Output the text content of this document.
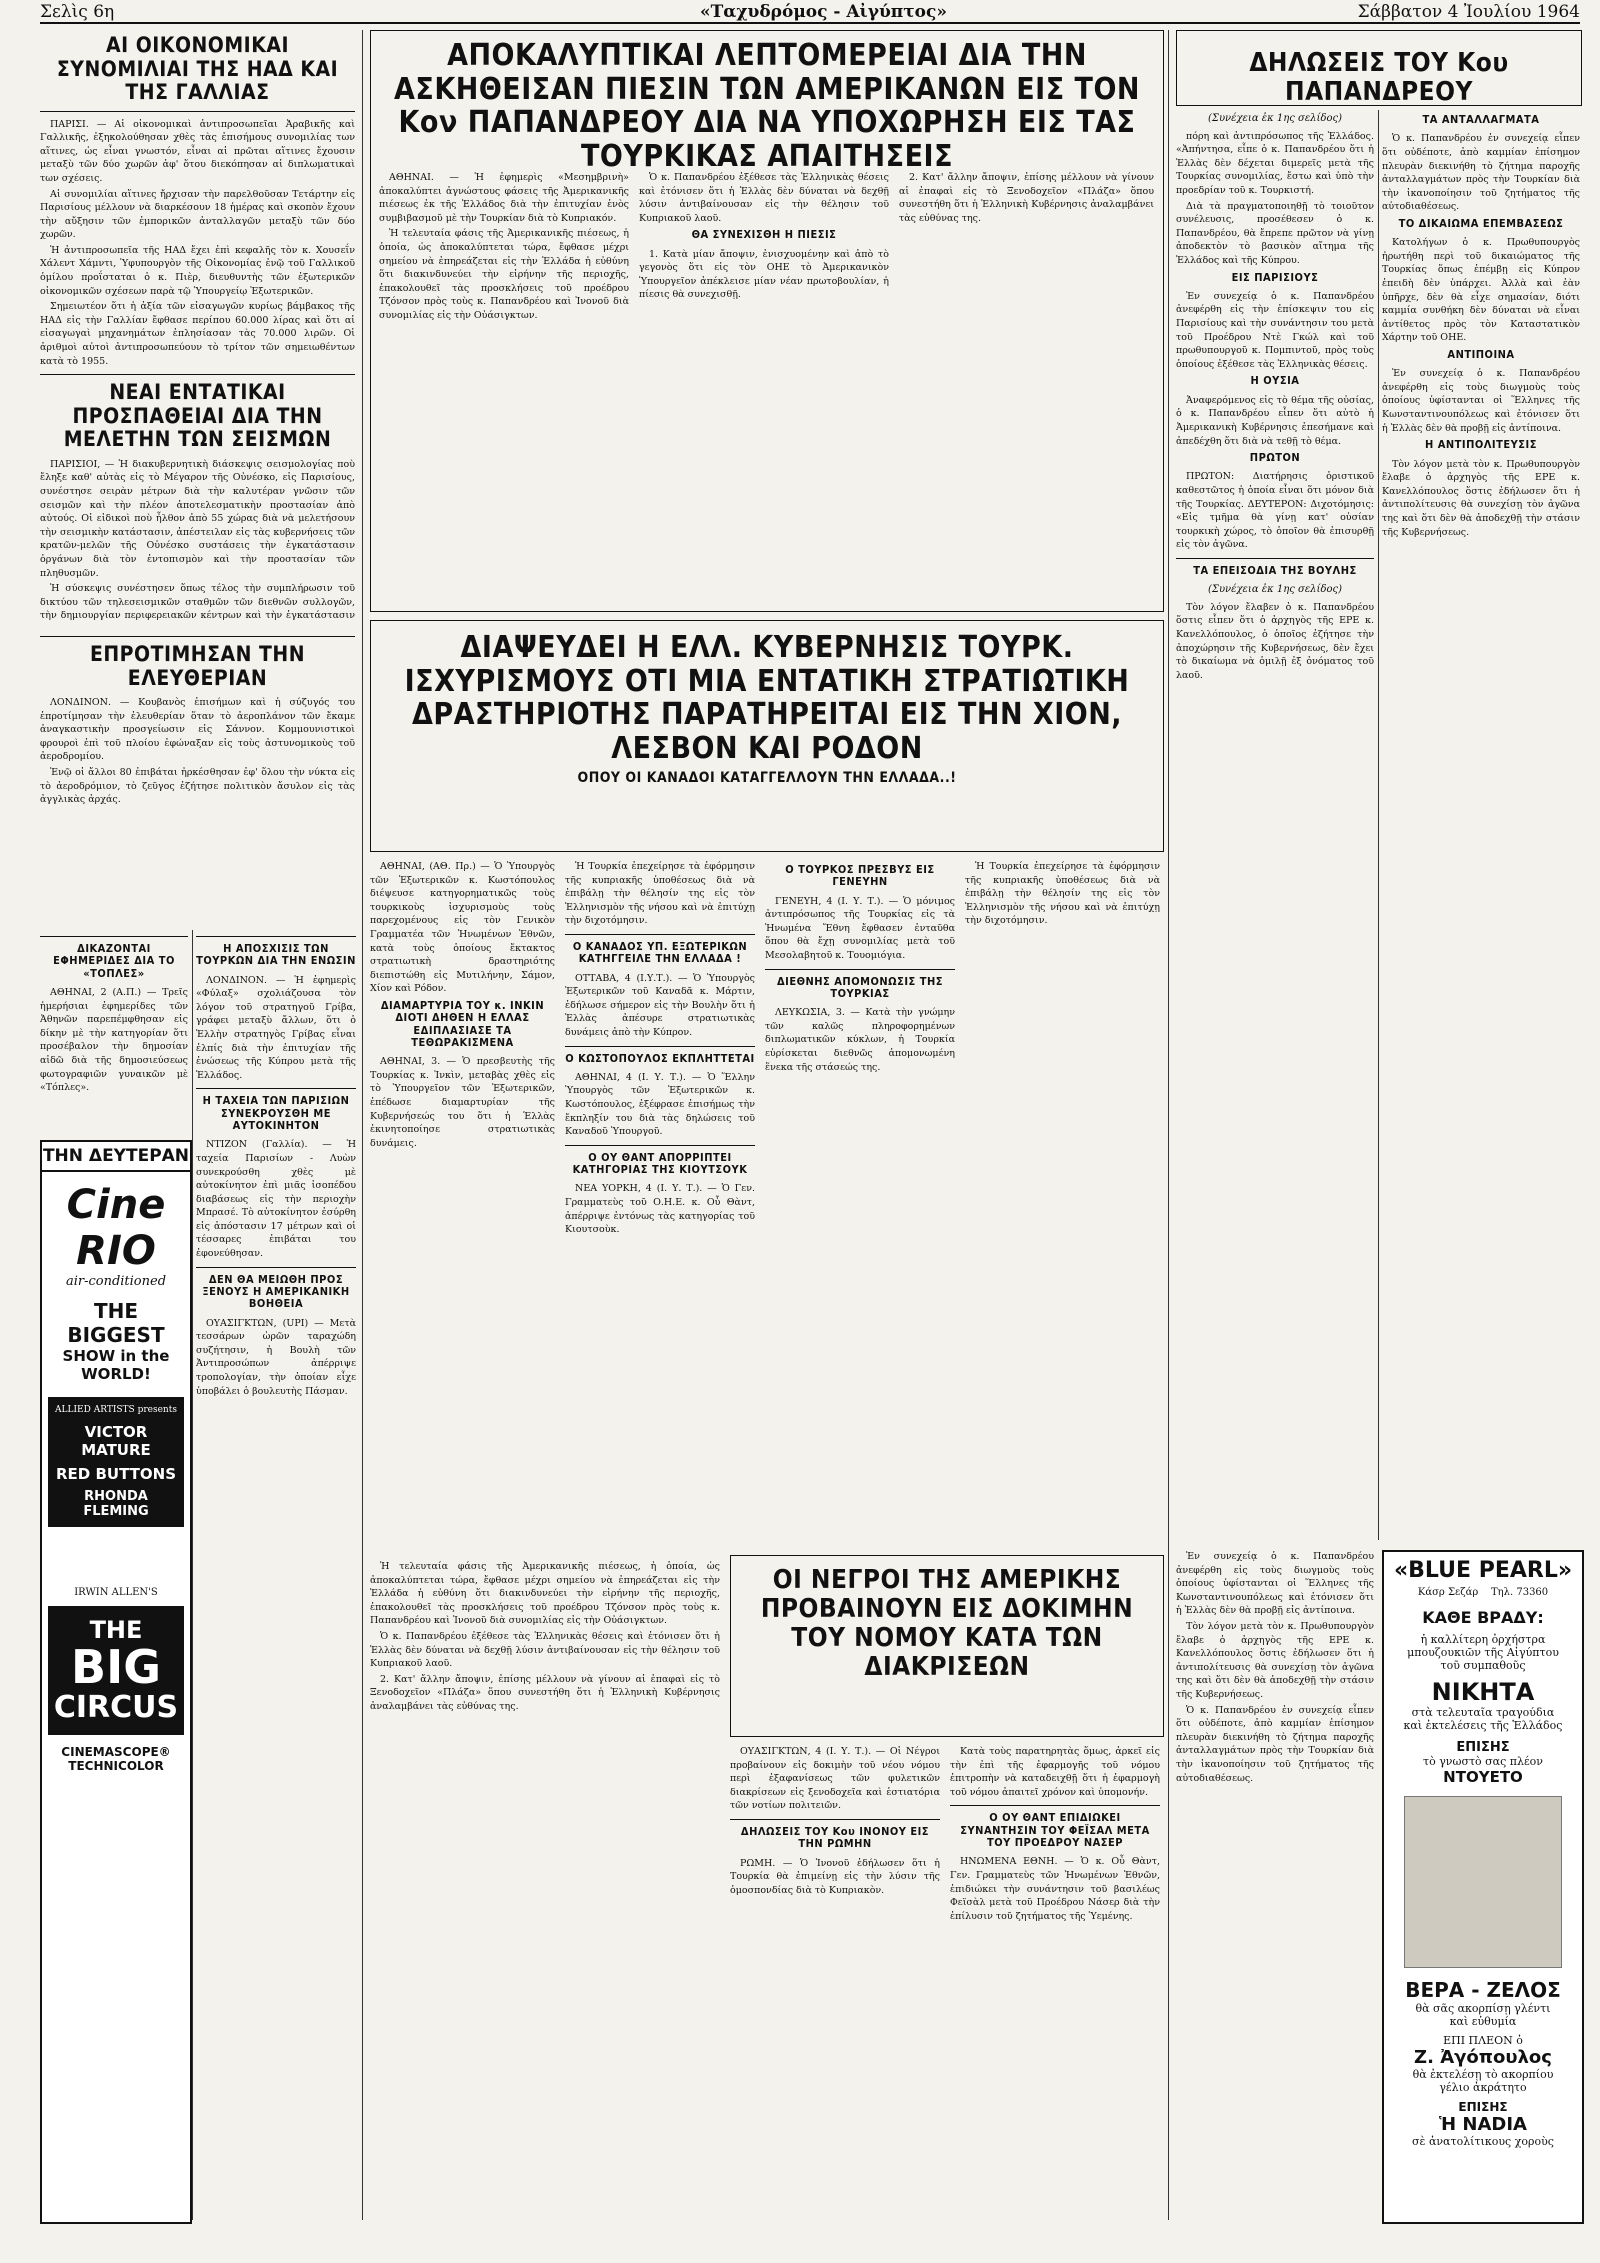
Σελὶς 6η	«Ταχυδρόμος - Αἰγύπτος»	Σάββατον 4 Ἰουλίου 1964
ΑΙ ΟΙΚΟΝΟΜΙΚΑΙ ΣΥΝΟΜΙΛΙΑΙ ΤΗΣ ΗΑΔ ΚΑΙ ΤΗΣ ΓΑΛΛΙΑΣ

ΠΑΡΙΣΙ. — Αἱ οἰκονομικαὶ ἀντιπροσωπεῖαι Ἀραβικῆς καὶ Γαλλικῆς, ἐξηκολούθησαν χθὲς τὰς ἐπισήμους συνομιλίας των αἵτινες, ὡς εἶναι γνωστόν, εἶναι αἱ πρῶται αἵτινες ἔχουσιν μεταξὺ τῶν δύο χωρῶν ἀφ' ὅτου διεκόπησαν αἱ διπλωματικαὶ των σχέσεις.

Αἱ συνομιλίαι αἵτινες ἤρχισαν τὴν παρελθοῦσαν Τετάρτην εἰς Παρισίους μέλλουν νὰ διαρκέσουν 18 ἡμέρας καὶ σκοπὸν ἔχουν τὴν αὔξησιν τῶν ἐμπορικῶν ἀνταλλαγῶν μεταξὺ τῶν δύο χωρῶν.

Ἡ ἀντιπροσωπεῖα τῆς ΗΑΔ ἔχει ἐπὶ κεφαλῆς τὸν κ. Χουσεΐν Χάλεντ Χάμντι, Ὑφυπουργὸν τῆς Οἰκονομίας ἐνῷ τοῦ Γαλλικοῦ ὁμίλου προΐσταται ὁ κ. Πιὲρ, διευθυντὴς τῶν ἐξωτερικῶν οἰκονομικῶν σχέσεων παρὰ τῷ Ὑπουργείῳ Ἐξωτερικῶν.

Σημειωτέον ὅτι ἡ ἀξία τῶν εἰσαγωγῶν κυρίως βάμβακος τῆς ΗΑΔ εἰς τὴν Γαλλίαν ἔφθασε περίπου 60.000 λίρας καὶ ὅτι αἱ εἰσαγωγαὶ μηχανημάτων ἐπλησίασαν τὰς 70.000 λιρῶν. Οἱ ἀριθμοὶ αὐτοὶ ἀντιπροσωπεύουν τὸ τρίτον τῶν σημειωθέντων κατὰ τὸ 1955.

ΝΕΑΙ ΕΝΤΑΤΙΚΑΙ ΠΡΟΣΠΑΘΕΙΑΙ ΔΙΑ ΤΗΝ ΜΕΛΕΤΗΝ ΤΩΝ ΣΕΙΣΜΩΝ

ΠΑΡΙΣΙΟΙ, — Ἡ διακυβερνητικὴ διάσκεψις σεισμολογίας ποὺ ἔληξε καθ' αὐτὰς εἰς τὸ Μέγαρον τῆς Οὐνέσκο, εἰς Παρισίους, συνέστησε σειρὰν μέτρων διὰ τὴν καλυτέραν γνῶσιν τῶν σεισμῶν καὶ τὴν πλέον ἀποτελεσματικὴν προστασίαν ἀπὸ αὐτούς. Οἱ εἰδικοὶ ποὺ ἦλθον ἀπὸ 55 χώρας διὰ νὰ μελετήσουν τὴν σεισμικὴν κατάστασιν, ἀπέστειλαν εἰς τὰς κυβερνήσεις τῶν κρατῶν-μελῶν τῆς Οὐνέσκο συστάσεις τὴν ἐγκατάστασιν ὀργάνων διὰ τὸν ἐντοπισμὸν καὶ τὴν προστασίαν τῶν πληθυσμῶν.

Ἡ σύσκεψις συνέστησεν ὅπως τέλος τὴν συμπλήρωσιν τοῦ δικτύου τῶν τηλεσεισμικῶν σταθμῶν τῶν διεθνῶν συλλογῶν, τὴν δημιουργίαν περιφερειακῶν κέντρων καὶ τὴν ἐγκατάστασιν

ΕΠΡΟΤΙΜΗΣΑΝ ΤΗΝ ΕΛΕΥΘΕΡΙΑΝ

ΛΟΝΔΙΝΟΝ. — Κουβανὸς ἐπισήμων καὶ ἡ σύζυγός του ἐπροτίμησαν τὴν ἐλευθερίαν ὅταν τὸ ἀεροπλάνον τῶν ἔκαμε ἀναγκαστικὴν προσγείωσιν εἰς Σάννον. Κομμουνιστικοὶ φρουροὶ ἐπὶ τοῦ πλοίου ἐφώναξαν εἰς τοὺς ἀστυνομικοὺς τοῦ ἀεροδρομίου.

Ἐνῷ οἱ ἄλλοι 80 ἐπιβάται ἠρκέσθησαν ἐφ' ὅλου τὴν νύκτα εἰς τὸ ἀεροδρόμιον, τὸ ζεῦγος ἐζήτησε πολιτικὸν ἄσυλον εἰς τὰς ἀγγλικὰς ἀρχάς.

ΔΙΚΑΖΟΝΤΑΙ ΕΦΗΜΕΡΙΔΕΣ ΔΙΑ ΤΟ «ΤΟΠΛΕΣ»

ΑΘΗΝΑΙ, 2 (Α.Π.) — Τρεῖς ἡμερήσιαι ἐφημερίδες τῶν Ἀθηνῶν παρεπέμφθησαν εἰς δίκην μὲ τὴν κατηγορίαν ὅτι προσέβαλον τὴν δημοσίαν αἰδῶ διὰ τῆς δημοσιεύσεως φωτογραφιῶν γυναικῶν μὲ «Τόπλες».

ΤΗΝ ΔΕΥΤΕΡΑΝ
Cine RIO
air-conditioned
THE BIGGEST
SHOW in the WORLD!
ALLIED ARTISTS presents
VICTOR MATURE
RED BUTTONS
RHONDA FLEMING
IRWIN ALLEN'S
THE
BIG
CIRCUS
CINEMASCOPE®
TECHNICOLOR
Η ΑΠΟΣΧΙΣΙΣ ΤΩΝ ΤΟΥΡΚΩΝ ΔΙΑ ΤΗΝ ΕΝΩΣΙΝ

ΛΟΝΔΙΝΟΝ. — Ἡ ἐφημερὶς «Φύλαξ» σχολιάζουσα τὸν λόγον τοῦ στρατηγοῦ Γρίβα, γράφει μεταξὺ ἄλλων, ὅτι ὁ Ἑλλὴν στρατηγὸς Γρίβας εἶναι ἐλπίς διὰ τὴν ἐπιτυχίαν τῆς ἐνώσεως τῆς Κύπρου μετὰ τῆς Ἑλλάδος.

Η ΤΑΧΕΙΑ ΤΩΝ ΠΑΡΙΣΙΩΝ ΣΥΝΕΚΡΟΥΣΘΗ ΜΕ ΑΥΤΟΚΙΝΗΤΟΝ

ΝΤΙΖΟΝ (Γαλλία). — Ἡ ταχεία Παρισίων - Λυὼν συνεκρούσθη χθὲς μὲ αὐτοκίνητον ἐπὶ μιᾶς ἰσοπέδου διαβάσεως εἰς τὴν περιοχὴν Μπρασέ. Τὸ αὐτοκίνητον ἐσύρθη εἰς ἀπόστασιν 17 μέτρων καὶ οἱ τέσσαρες ἐπιβάται του ἐφονεύθησαν.

ΔΕΝ ΘΑ ΜΕΙΩΘΗ ΠΡΟΣ ΞΕΝΟΥΣ Η ΑΜΕΡΙΚΑΝΙΚΗ ΒΟΗΘΕΙΑ

ΟΥΑΣΙΓΚΤΩΝ, (UPI) — Μετὰ τεσσάρων ὡρῶν ταραχώδη συζήτησιν, ἡ Βουλὴ τῶν Ἀντιπροσώπων ἀπέρριψε τροπολογίαν, τὴν ὁποίαν εἶχε ὑποβάλει ὁ βουλευτὴς Πάσμαν.

ΑΠΟΚΑΛΥΠΤΙΚΑΙ ΛΕΠΤΟΜΕΡΕΙΑΙ ΔΙΑ ΤΗΝ ΑΣΚΗΘΕΙΣΑΝ ΠΙΕΣΙΝ ΤΩΝ ΑΜΕΡΙΚΑΝΩΝ ΕΙΣ ΤΟΝ Κον ΠΑΠΑΝΔΡΕΟΥ ΔΙΑ ΝΑ ΥΠΟΧΩΡΗΣΗ ΕΙΣ ΤΑΣ ΤΟΥΡΚΙΚΑΣ ΑΠΑΙΤΗΣΕΙΣ

ΑΘΗΝΑΙ. — Ἡ ἐφημερὶς «Μεσημβρινὴ» ἀποκαλύπτει ἀγνώστους φάσεις τῆς Ἀμερικανικῆς πιέσεως ἐκ τῆς Ἑλλάδος διὰ τὴν ἐπιτυχίαν ἑνὸς συμβιβασμοῦ μὲ τὴν Τουρκίαν διὰ τὸ Κυπριακόν.

Ἡ τελευταία φάσις τῆς Ἀμερικανικῆς πιέσεως, ἡ ὁποία, ὡς ἀποκαλύπτεται τώρα, ἔφθασε μέχρι σημείου νὰ ἐπηρεάζεται εἰς τὴν Ἑλλάδα ἡ εὐθύνη ὅτι διακινδυνεύει τὴν εἰρήνην τῆς περιοχῆς, ἐπακολουθεῖ τὰς προσκλήσεις τοῦ προέδρου Τζόνσον πρὸς τοὺς κ. Παπανδρέου καὶ Ἰνονοῦ διὰ συνομιλίας εἰς τὴν Οὐάσιγκτων.

Ὁ κ. Παπανδρέου ἐξέθεσε τὰς Ἑλληνικὰς θέσεις καὶ ἐτόνισεν ὅτι ἡ Ἑλλὰς δὲν δύναται νὰ δεχθῇ λύσιν ἀντιβαίνουσαν εἰς τὴν θέλησιν τοῦ Κυπριακοῦ λαοῦ.

ΘΑ ΣΥΝΕΧΙΣΘΗ Η ΠΙΕΣΙΣ

1. Κατὰ μίαν ἄποψιν, ἐνισχυομένην καὶ ἀπὸ τὸ γεγονὸς ὅτι εἰς τὸν ΟΗΕ τὸ Ἀμερικανικὸν Ὑπουργεῖον ἀπέκλεισε μίαν νέαν πρωτοβουλίαν, ἡ πίεσις θὰ συνεχισθῇ.

2. Κατ' ἄλλην ἄποψιν, ἐπίσης μέλλουν νὰ γίνουν αἱ ἐπαφαὶ εἰς τὸ Ξενοδοχεῖον «Πλάζα» ὅπου συνεστήθη ὅτι ἡ Ἑλληνικὴ Κυβέρνησις ἀναλαμβάνει τὰς εὐθύνας της.

ΔΙΑΨΕΥΔΕΙ Η ΕΛΛ. ΚΥΒΕΡΝΗΣΙΣ ΤΟΥΡΚ. ΙΣΧΥΡΙΣΜΟΥΣ ΟΤΙ ΜΙΑ ΕΝΤΑΤΙΚΗ ΣΤΡΑΤΙΩΤΙΚΗ ΔΡΑΣΤΗΡΙΟΤΗΣ ΠΑΡΑΤΗΡΕΙΤΑΙ ΕΙΣ ΤΗΝ ΧΙΟΝ, ΛΕΣΒΟΝ ΚΑΙ ΡΟΔΟΝ
ΟΠΟΥ ΟΙ ΚΑΝΑΔΟΙ ΚΑΤΑΓΓΕΛΛΟΥΝ ΤΗΝ ΕΛΛΑΔΑ..!

ΑΘΗΝΑΙ, (ΑΘ. Πρ.) — Ὁ Ὑπουργὸς τῶν Ἐξωτερικῶν κ. Κωστόπουλος διέψευσε κατηγορηματικῶς τοὺς τουρκικοὺς ἰσχυρισμοὺς τοὺς παρεχομένους εἰς τὸν Γενικὸν Γραμματέα τῶν Ἡνωμένων Ἐθνῶν, κατὰ τοὺς ὁποίους ἔκτακτος στρατιωτικὴ δραστηριότης διεπιστώθη εἰς Μυτιλήνην, Σάμον, Χίον καὶ Ρόδον.

ΔΙΑΜΑΡΤΥΡΙΑ ΤΟΥ κ. ΙΝΚΙΝ ΔΙΟΤΙ ΔΗΘΕΝ Η ΕΛΛΑΣ ΕΔΙΠΛΑΣΙΑΣΕ ΤΑ ΤΕΘΩΡΑΚΙΣΜΕΝΑ

ΑΘΗΝΑΙ, 3. — Ὁ πρεσβευτὴς τῆς Τουρκίας κ. Ἰνκὶν, μεταβὰς χθὲς εἰς τὸ Ὑπουργεῖον τῶν Ἐξωτερικῶν, ἐπέδωσε διαμαρτυρίαν τῆς Κυβερνήσεώς του ὅτι ἡ Ἑλλὰς ἐκινητοποίησε στρατιωτικὰς δυνάμεις.

Ἡ Τουρκία ἐπεχείρησε τὰ ἐφόρμησιν τῆς κυπριακῆς ὑποθέσεως διὰ νὰ ἐπιβάλῃ τὴν θέλησίν της εἰς τὸν Ἑλληνισμὸν τῆς νήσου καὶ νὰ ἐπιτύχῃ τὴν διχοτόμησιν.

Ο ΚΑΝΑΔΟΣ ΥΠ. ΕΞΩΤΕΡΙΚΩΝ ΚΑΤΗΓΓΕΙΛΕ ΤΗΝ ΕΛΛΑΔΑ !

ΟΤΤΑΒΑ, 4 (Ι.Υ.Τ.). — Ὁ Ὑπουργὸς Ἐξωτερικῶν τοῦ Καναδᾶ κ. Μάρτιν, ἐδήλωσε σήμερον εἰς τὴν Βουλὴν ὅτι ἡ Ἑλλὰς ἀπέσυρε στρατιωτικὰς δυνάμεις ἀπὸ τὴν Κύπρον.

Ο ΚΩΣΤΟΠΟΥΛΟΣ ΕΚΠΛΗΤΤΕΤΑΙ

ΑΘΗΝΑΙ, 4 (Ι. Υ. Τ.). — Ὁ Ἕλλην Ὑπουργὸς τῶν Ἐξωτερικῶν κ. Κωστόπουλος, ἐξέφρασε ἐπισήμως τὴν ἔκπληξίν του διὰ τὰς δηλώσεις τοῦ Καναδοῦ Ὑπουργοῦ.

Ο ΟΥ ΘΑΝΤ ΑΠΟΡΡΙΠΤΕΙ ΚΑΤΗΓΟΡΙΑΣ ΤΗΣ ΚΙΟΥΤΣΟΥΚ

ΝΕΑ ΥΟΡΚΗ, 4 (Ι. Υ. Τ.). — Ὁ Γεν. Γραμματεὺς τοῦ Ο.Η.Ε. κ. Οὖ Θὰντ, ἀπέρριψε ἐντόνως τὰς κατηγορίας τοῦ Κιουτσοὺκ.

Ο ΤΟΥΡΚΟΣ ΠΡΕΣΒΥΣ ΕΙΣ ΓΕΝΕΥΗΝ

ΓΕΝΕΥΗ, 4 (Ι. Υ. Τ.). — Ὁ μόνιμος ἀντιπρόσωπος τῆς Τουρκίας εἰς τὰ Ἡνωμένα Ἔθνη ἔφθασεν ἐνταῦθα ὅπου θὰ ἔχῃ συνομιλίας μετὰ τοῦ Μεσολαβητοῦ κ. Τουομιόγια.

ΔΙΕΘΝΗΣ ΑΠΟΜΟΝΩΣΙΣ ΤΗΣ ΤΟΥΡΚΙΑΣ

ΛΕΥΚΩΣΙΑ, 3. — Κατὰ τὴν γνώμην τῶν καλῶς πληροφορημένων διπλωματικῶν κύκλων, ἡ Τουρκία εὑρίσκεται διεθνῶς ἀπομονωμένη ἕνεκα τῆς στάσεώς της.

Ἡ Τουρκία ἐπεχείρησε τὰ ἐφόρμησιν τῆς κυπριακῆς ὑποθέσεως διὰ νὰ ἐπιβάλῃ τὴν θέλησίν της εἰς τὸν Ἑλληνισμὸν τῆς νήσου καὶ νὰ ἐπιτύχῃ τὴν διχοτόμησιν.

ΟΙ ΝΕΓΡΟΙ ΤΗΣ ΑΜΕΡΙΚΗΣ ΠΡΟΒΑΙΝΟΥΝ ΕΙΣ ΔΟΚΙΜΗΝ ΤΟΥ ΝΟΜΟΥ ΚΑΤΑ ΤΩΝ ΔΙΑΚΡΙΣΕΩΝ

ΟΥΑΣΙΓΚΤΩΝ, 4 (Ι. Υ. Τ.). — Οἱ Νέγροι προβαίνουν εἰς δοκιμὴν τοῦ νέου νόμου περὶ ἐξαφανίσεως τῶν φυλετικῶν διακρίσεων εἰς ξενοδοχεῖα καὶ ἑστιατόρια τῶν νοτίων πολιτειῶν.

ΔΗΛΩΣΕΙΣ ΤΟΥ Κου ΙΝΟΝΟΥ ΕΙΣ ΤΗΝ ΡΩΜΗΝ

ΡΩΜΗ. — Ὁ Ἰνονοῦ ἐδήλωσεν ὅτι ἡ Τουρκία θὰ ἐπιμείνῃ εἰς τὴν λύσιν τῆς ὁμοσπονδίας διὰ τὸ Κυπριακὸν.

Κατὰ τοὺς παρατηρητὰς ὅμως, ἀρκεῖ εἰς τὴν ἐπὶ τῆς ἐφαρμογῆς τοῦ νόμου ἐπιτροπὴν νὰ καταδειχθῇ ὅτι ἡ ἐφαρμογὴ τοῦ νόμου ἀπαιτεῖ χρόνον καὶ ὑπομονήν.

Ο ΟΥ ΘΑΝΤ ΕΠΙΔΙΩΚΕΙ ΣΥΝΑΝΤΗΣΙΝ ΤΟΥ ΦΕΪΣΑΛ ΜΕΤΑ ΤΟΥ ΠΡΟΕΔΡΟΥ ΝΑΣΕΡ

ΗΝΩΜΕΝΑ ΕΘΝΗ. — Ὁ κ. Οὖ Θὰντ, Γεν. Γραμματεὺς τῶν Ἡνωμένων Ἐθνῶν, ἐπιδιώκει τὴν συνάντησιν τοῦ βασιλέως Φεϊσὰλ μετὰ τοῦ Προέδρου Νάσερ διὰ τὴν ἐπίλυσιν τοῦ ζητήματος τῆς Ὑεμένης.

Ἡ τελευταία φάσις τῆς Ἀμερικανικῆς πιέσεως, ἡ ὁποία, ὡς ἀποκαλύπτεται τώρα, ἔφθασε μέχρι σημείου νὰ ἐπηρεάζεται εἰς τὴν Ἑλλάδα ἡ εὐθύνη ὅτι διακινδυνεύει τὴν εἰρήνην τῆς περιοχῆς, ἐπακολουθεῖ τὰς προσκλήσεις τοῦ προέδρου Τζόνσον πρὸς τοὺς κ. Παπανδρέου καὶ Ἰνονοῦ διὰ συνομιλίας εἰς τὴν Οὐάσιγκτων.

Ὁ κ. Παπανδρέου ἐξέθεσε τὰς Ἑλληνικὰς θέσεις καὶ ἐτόνισεν ὅτι ἡ Ἑλλὰς δὲν δύναται νὰ δεχθῇ λύσιν ἀντιβαίνουσαν εἰς τὴν θέλησιν τοῦ Κυπριακοῦ λαοῦ.

2. Κατ' ἄλλην ἄποψιν, ἐπίσης μέλλουν νὰ γίνουν αἱ ἐπαφαὶ εἰς τὸ Ξενοδοχεῖον «Πλάζα» ὅπου συνεστήθη ὅτι ἡ Ἑλληνικὴ Κυβέρνησις ἀναλαμβάνει τὰς εὐθύνας της.

ΔΗΛΩΣΕΙΣ ΤΟΥ Κου ΠΑΠΑΝΔΡΕΟΥ
(Συνέχεια ἐκ 1ης σελίδος)

πόρη καὶ ἀντιπρόσωπος τῆς Ἑλλάδος. «Ἀπήντησα, εἶπε ὁ κ. Παπανδρέου ὅτι ἡ Ἑλλὰς δὲν δέχεται διμερεῖς μετὰ τῆς Τουρκίας συνομιλίας, ἔστω καὶ ὑπὸ τὴν προεδρίαν τοῦ κ. Τουρκιστή.

Διὰ τὰ πραγματοποιηθῇ τὸ τοιοῦτον συνέλευσις, προσέθεσεν ὁ κ. Παπανδρέου, θὰ ἔπρεπε πρῶτον νὰ γίνῃ ἀποδεκτὸν τὸ βασικὸν αἴτημα τῆς Ἑλλάδος καὶ τῆς Κύπρου.

ΕΙΣ ΠΑΡΙΣΙΟΥΣ

Ἐν συνεχείᾳ ὁ κ. Παπανδρέου ἀνεφέρθη εἰς τὴν ἐπίσκεψιν του εἰς Παρισίους καὶ τὴν συνάντησιν του μετὰ τοῦ Προέδρου Ντὲ Γκώλ καὶ τοῦ πρωθυπουργοῦ κ. Πομπιντοῦ, πρὸς τοὺς ὁποίους ἐξέθεσε τὰς Ἑλληνικὰς θέσεις.

Η ΟΥΣΙΑ

Ἀναφερόμενος εἰς τὸ θέμα τῆς οὐσίας, ὁ κ. Παπανδρέου εἶπεν ὅτι αὐτὸ ἡ Ἀμερικανικὴ Κυβέρνησις ἐπεσήμανε καὶ ἀπεδέχθη ὅτι διὰ νὰ τεθῇ τὸ θέμα.

ΠΡΩΤΟΝ

ΠΡΩΤΟΝ: Διατήρησις ὁριστικοῦ καθεστῶτος ἡ ὁποία εἶναι ὅτι μόνον διὰ τῆς Τουρκίας. ΔΕΥΤΕΡΟΝ: Διχοτόμησις: «Εἰς τμῆμα θὰ γίνῃ κατ' οὐσίαν τουρκικὴ χώρος, τὸ ὁποῖον θὰ ἐπισυρθῇ εἰς τὸν ἀγῶνα.

ΤΑ ΕΠΕΙΣΟΔΙΑ ΤΗΣ ΒΟΥΛΗΣ
(Συνέχεια ἐκ 1ης σελίδος)

Τὸν λόγον ἔλαβεν ὁ κ. Παπανδρέου ὅστις εἶπεν ὅτι ὁ ἀρχηγὸς τῆς ΕΡΕ κ. Κανελλόπουλος, ὁ ὁποῖος ἐζήτησε τὴν ἀποχώρησιν τῆς Κυβερνήσεως, δὲν ἔχει τὸ δικαίωμα νὰ ὁμιλῇ ἐξ ὀνόματος τοῦ λαοῦ.

ΤΑ ΑΝΤΑΛΛΑΓΜΑΤΑ

Ὁ κ. Παπανδρέου ἐν συνεχείᾳ εἶπεν ὅτι οὐδέποτε, ἀπὸ καμμίαν ἐπίσημον πλευρὰν διεκινήθη τὸ ζήτημα παροχῆς ἀνταλλαγμάτων πρὸς τὴν Τουρκίαν διὰ τὴν ἱκανοποίησιν τοῦ ζητήματος τῆς αὐτοδιαθέσεως.

ΤΟ ΔΙΚΑΙΩΜΑ ΕΠΕΜΒΑΣΕΩΣ

Κατολήγων ὁ κ. Πρωθυπουργὸς ἠρωτήθη περὶ τοῦ δικαιώματος τῆς Τουρκίας ὅπως ἐπέμβῃ εἰς Κύπρον ἐπειδὴ δὲν ὑπάρχει. Ἀλλὰ καὶ ἐὰν ὑπῆρχε, δὲν θὰ εἶχε σημασίαν, διότι καμμία συνθήκη δὲν δύναται νὰ εἶναι ἀντίθετος πρὸς τὸν Καταστατικὸν Χάρτην τοῦ ΟΗΕ.

ΑΝΤΙΠΟΙΝΑ

Ἐν συνεχείᾳ ὁ κ. Παπανδρέου ἀνεφέρθη εἰς τοὺς διωγμοὺς τοὺς ὁποίους ὑφίστανται οἱ Ἕλληνες τῆς Κωνσταντινουπόλεως καὶ ἐτόνισεν ὅτι ἡ Ἑλλὰς δὲν θὰ προβῇ εἰς ἀντίποινα.

Η ΑΝΤΙΠΟΛΙΤΕΥΣΙΣ

Τὸν λόγον μετὰ τὸν κ. Πρωθυπουργὸν ἔλαβε ὁ ἀρχηγὸς τῆς ΕΡΕ κ. Κανελλόπουλος ὅστις ἐδήλωσεν ὅτι ἡ ἀντιπολίτευσις θὰ συνεχίσῃ τὸν ἀγῶνα της καὶ ὅτι δὲν θὰ ἀποδεχθῇ τὴν στάσιν τῆς Κυβερνήσεως.

«BLUE PEARL»
Κάσρ Σεζάρ Τηλ. 73360
ΚΑΘΕ ΒΡΑΔΥ:
ἡ καλλίτερη ὀρχήστρα
μπουζουκιῶν τῆς Αἰγύπτου
τοῦ συμπαθοῦς
ΝΙΚΗΤΑ
στὰ τελευταῖα τραγούδια
καὶ ἐκτελέσεις τῆς Ἑλλάδος
ΕΠΙΣΗΣ
τὸ γνωστὸ σας πλέον
ΝΤΟΥΕΤΟ
ΒΕΡΑ - ΖΕΛΟΣ
θὰ σᾶς ακορπίσῃ γλέντι
καὶ εὐθυμία
ΕΠΙ ΠΛΕΟΝ ὁ
Ζ. Ἀγόπουλος
θὰ ἐκτελέσῃ τὸ ακορπίου
γέλιο ἀκράτητο
ΕΠΙΣΗΣ
Ἡ NADIA
σὲ ἀνατολίτικους χοροὺς

Ἐν συνεχείᾳ ὁ κ. Παπανδρέου ἀνεφέρθη εἰς τοὺς διωγμοὺς τοὺς ὁποίους ὑφίστανται οἱ Ἕλληνες τῆς Κωνσταντινουπόλεως καὶ ἐτόνισεν ὅτι ἡ Ἑλλὰς δὲν θὰ προβῇ εἰς ἀντίποινα.

Τὸν λόγον μετὰ τὸν κ. Πρωθυπουργὸν ἔλαβε ὁ ἀρχηγὸς τῆς ΕΡΕ κ. Κανελλόπουλος ὅστις ἐδήλωσεν ὅτι ἡ ἀντιπολίτευσις θὰ συνεχίσῃ τὸν ἀγῶνα της καὶ ὅτι δὲν θὰ ἀποδεχθῇ τὴν στάσιν τῆς Κυβερνήσεως.

Ὁ κ. Παπανδρέου ἐν συνεχείᾳ εἶπεν ὅτι οὐδέποτε, ἀπὸ καμμίαν ἐπίσημον πλευρὰν διεκινήθη τὸ ζήτημα παροχῆς ἀνταλλαγμάτων πρὸς τὴν Τουρκίαν διὰ τὴν ἱκανοποίησιν τοῦ ζητήματος τῆς αὐτοδιαθέσεως.
